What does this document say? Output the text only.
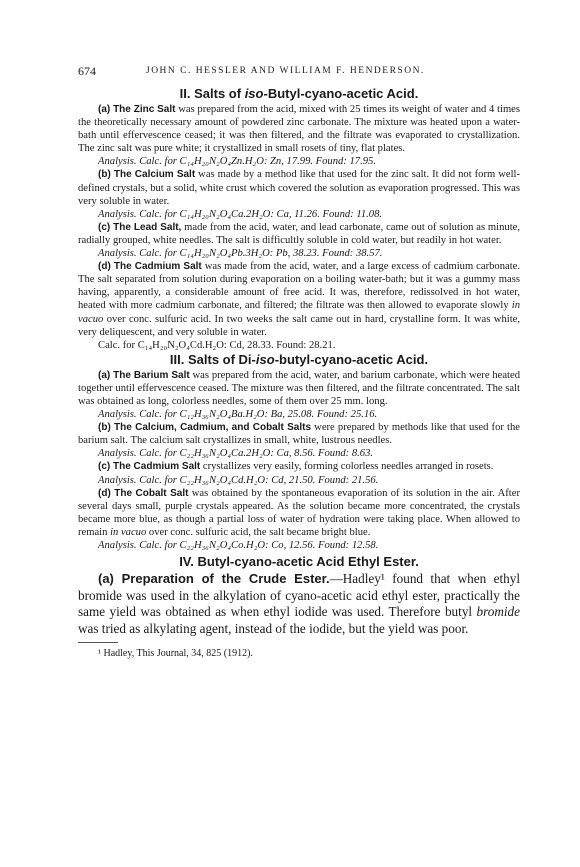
674	JOHN C. HESSLER AND WILLIAM F. HENDERSON.
II. Salts of iso-Butyl-cyano-acetic Acid.

(a) The Zinc Salt was prepared from the acid, mixed with 25 times its weight of water and 4 times the theoretically necessary amount of powdered zinc carbonate. The mixture was heated upon a water-bath until effervescence ceased; it was then filtered, and the filtrate was evaporated to crystallization. The zinc salt was pure white; it crystallized in small rosets of tiny, flat plates.

Analysis. Calc. for C₁₄H₂₀N₂O₄Zn.H₂O: Zn, 17.99. Found: 17.95.

(b) The Calcium Salt was made by a method like that used for the zinc salt. It did not form well-defined crystals, but a solid, white crust which covered the solution as evaporation progressed. This was very soluble in water.

Analysis. Calc. for C₁₄H₂₀N₂O₄Ca.2H₂O: Ca, 11.26. Found: 11.08.

(c) The Lead Salt, made from the acid, water, and lead carbonate, came out of solution as minute, radially grouped, white needles. The salt is difficultly soluble in cold water, but readily in hot water.

Analysis. Calc. for C₁₄H₂₀N₂O₄Pb.3H₂O: Pb, 38.23. Found: 38.57.

(d) The Cadmium Salt was made from the acid, water, and a large excess of cadmium carbonate. The salt separated from solution during evaporation on a boiling water-bath; but it was a gummy mass having, apparently, a considerable amount of free acid. It was, therefore, redissolved in hot water, heated with more cadmium carbonate, and filtered; the filtrate was then allowed to evaporate slowly in vacuo over conc. sulfuric acid. In two weeks the salt came out in hard, crystalline form. It was white, very deliquescent, and very soluble in water.

Calc. for C₁₄H₂₀N₂O₄Cd.H₂O: Cd, 28.33. Found: 28.21.

III. Salts of Di-iso-butyl-cyano-acetic Acid.

(a) The Barium Salt was prepared from the acid, water, and barium carbonate, which were heated together until effervescence ceased. The mixture was then filtered, and the filtrate concentrated. The salt was obtained as long, colorless needles, some of them over 25 mm. long.

Analysis. Calc. for C₁₂H₃₆N₂O₄Ba.H₂O: Ba, 25.08. Found: 25.16.

(b) The Calcium, Cadmium, and Cobalt Salts were prepared by methods like that used for the barium salt. The calcium salt crystallizes in small, white, lustrous needles.

Analysis. Calc. for C₂₂H₃₆N₂O₄Ca.2H₂O: Ca, 8.56. Found: 8.63.

(c) The Cadmium Salt crystallizes very easily, forming colorless needles arranged in rosets.

Analysis. Calc. for C₂₂H₃₆N₂O₄Cd.H₂O: Cd, 21.50. Found: 21.56.

(d) The Cobalt Salt was obtained by the spontaneous evaporation of its solution in the air. After several days small, purple crystals appeared. As the solution became more concentrated, the crystals became more blue, as though a partial loss of water of hydration were taking place. When allowed to remain in vacuo over conc. sulfuric acid, the salt became bright blue.

Analysis. Calc. for C₂₂H₃₆N₂O₄Co.H₂O: Co, 12.56. Found: 12.58.

IV. Butyl-cyano-acetic Acid Ethyl Ester.

(a) Preparation of the Crude Ester.—Hadley¹ found that when ethyl bromide was used in the alkylation of cyano-acetic acid ethyl ester, practically the same yield was obtained as when ethyl iodide was used. Therefore butyl bromide was tried as alkylating agent, instead of the iodide, but the yield was poor.

¹ Hadley, This Journal, 34, 825 (1912).
